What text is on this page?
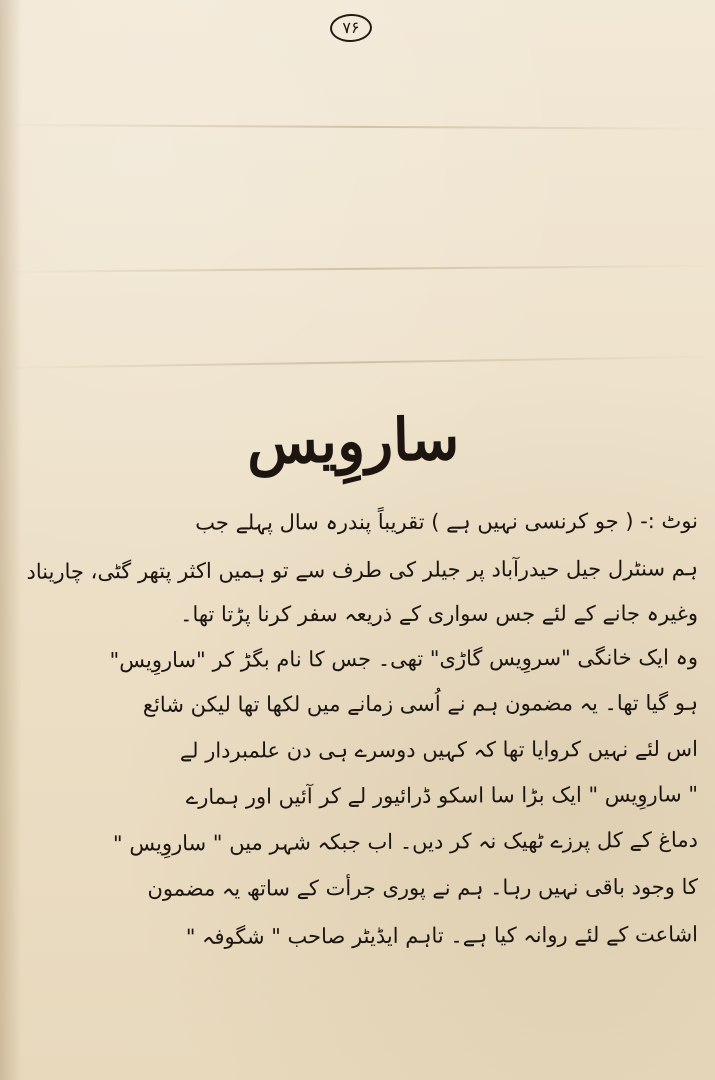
۷۶
ساروِیس
نوٹ :- ( جو کرنسی نہیں ہے ) تقریباً پندرہ سال پہلے جب
ہم سنٹرل جیل حیدرآباد پر جیلر کی طرف سے تو ہمیں اکثر پتھر گٹی، چاریناد
وغیرہ جانے کے لئے جس سواری کے ذریعہ سفر کرنا پڑتا تھا۔
وہ ایک خانگی "سروِیس گاڑی" تھی۔ جس کا نام بگڑ کر "ساروِیس"
ہو گیا تھا۔ یہ مضمون ہم نے اُسی زمانے میں لکھا تھا لیکن شائع
اس لئے نہیں کروایا تھا کہ کہیں دوسرے ہی دن علمبردار لے
" ساروِیس " ایک بڑا سا اسکو ڈرائیور لے کر آئیں اور ہمارے
دماغ کے کل پرزے ٹھیک نہ کر دیں۔ اب جبکہ شہر میں " ساروِیس "
کا وجود باقی نہیں رہا۔ ہم نے پوری جرأت کے ساتھ یہ مضمون
اشاعت کے لئے روانہ کیا ہے۔ تاہم ایڈیٹر صاحب " شگوفہ "
